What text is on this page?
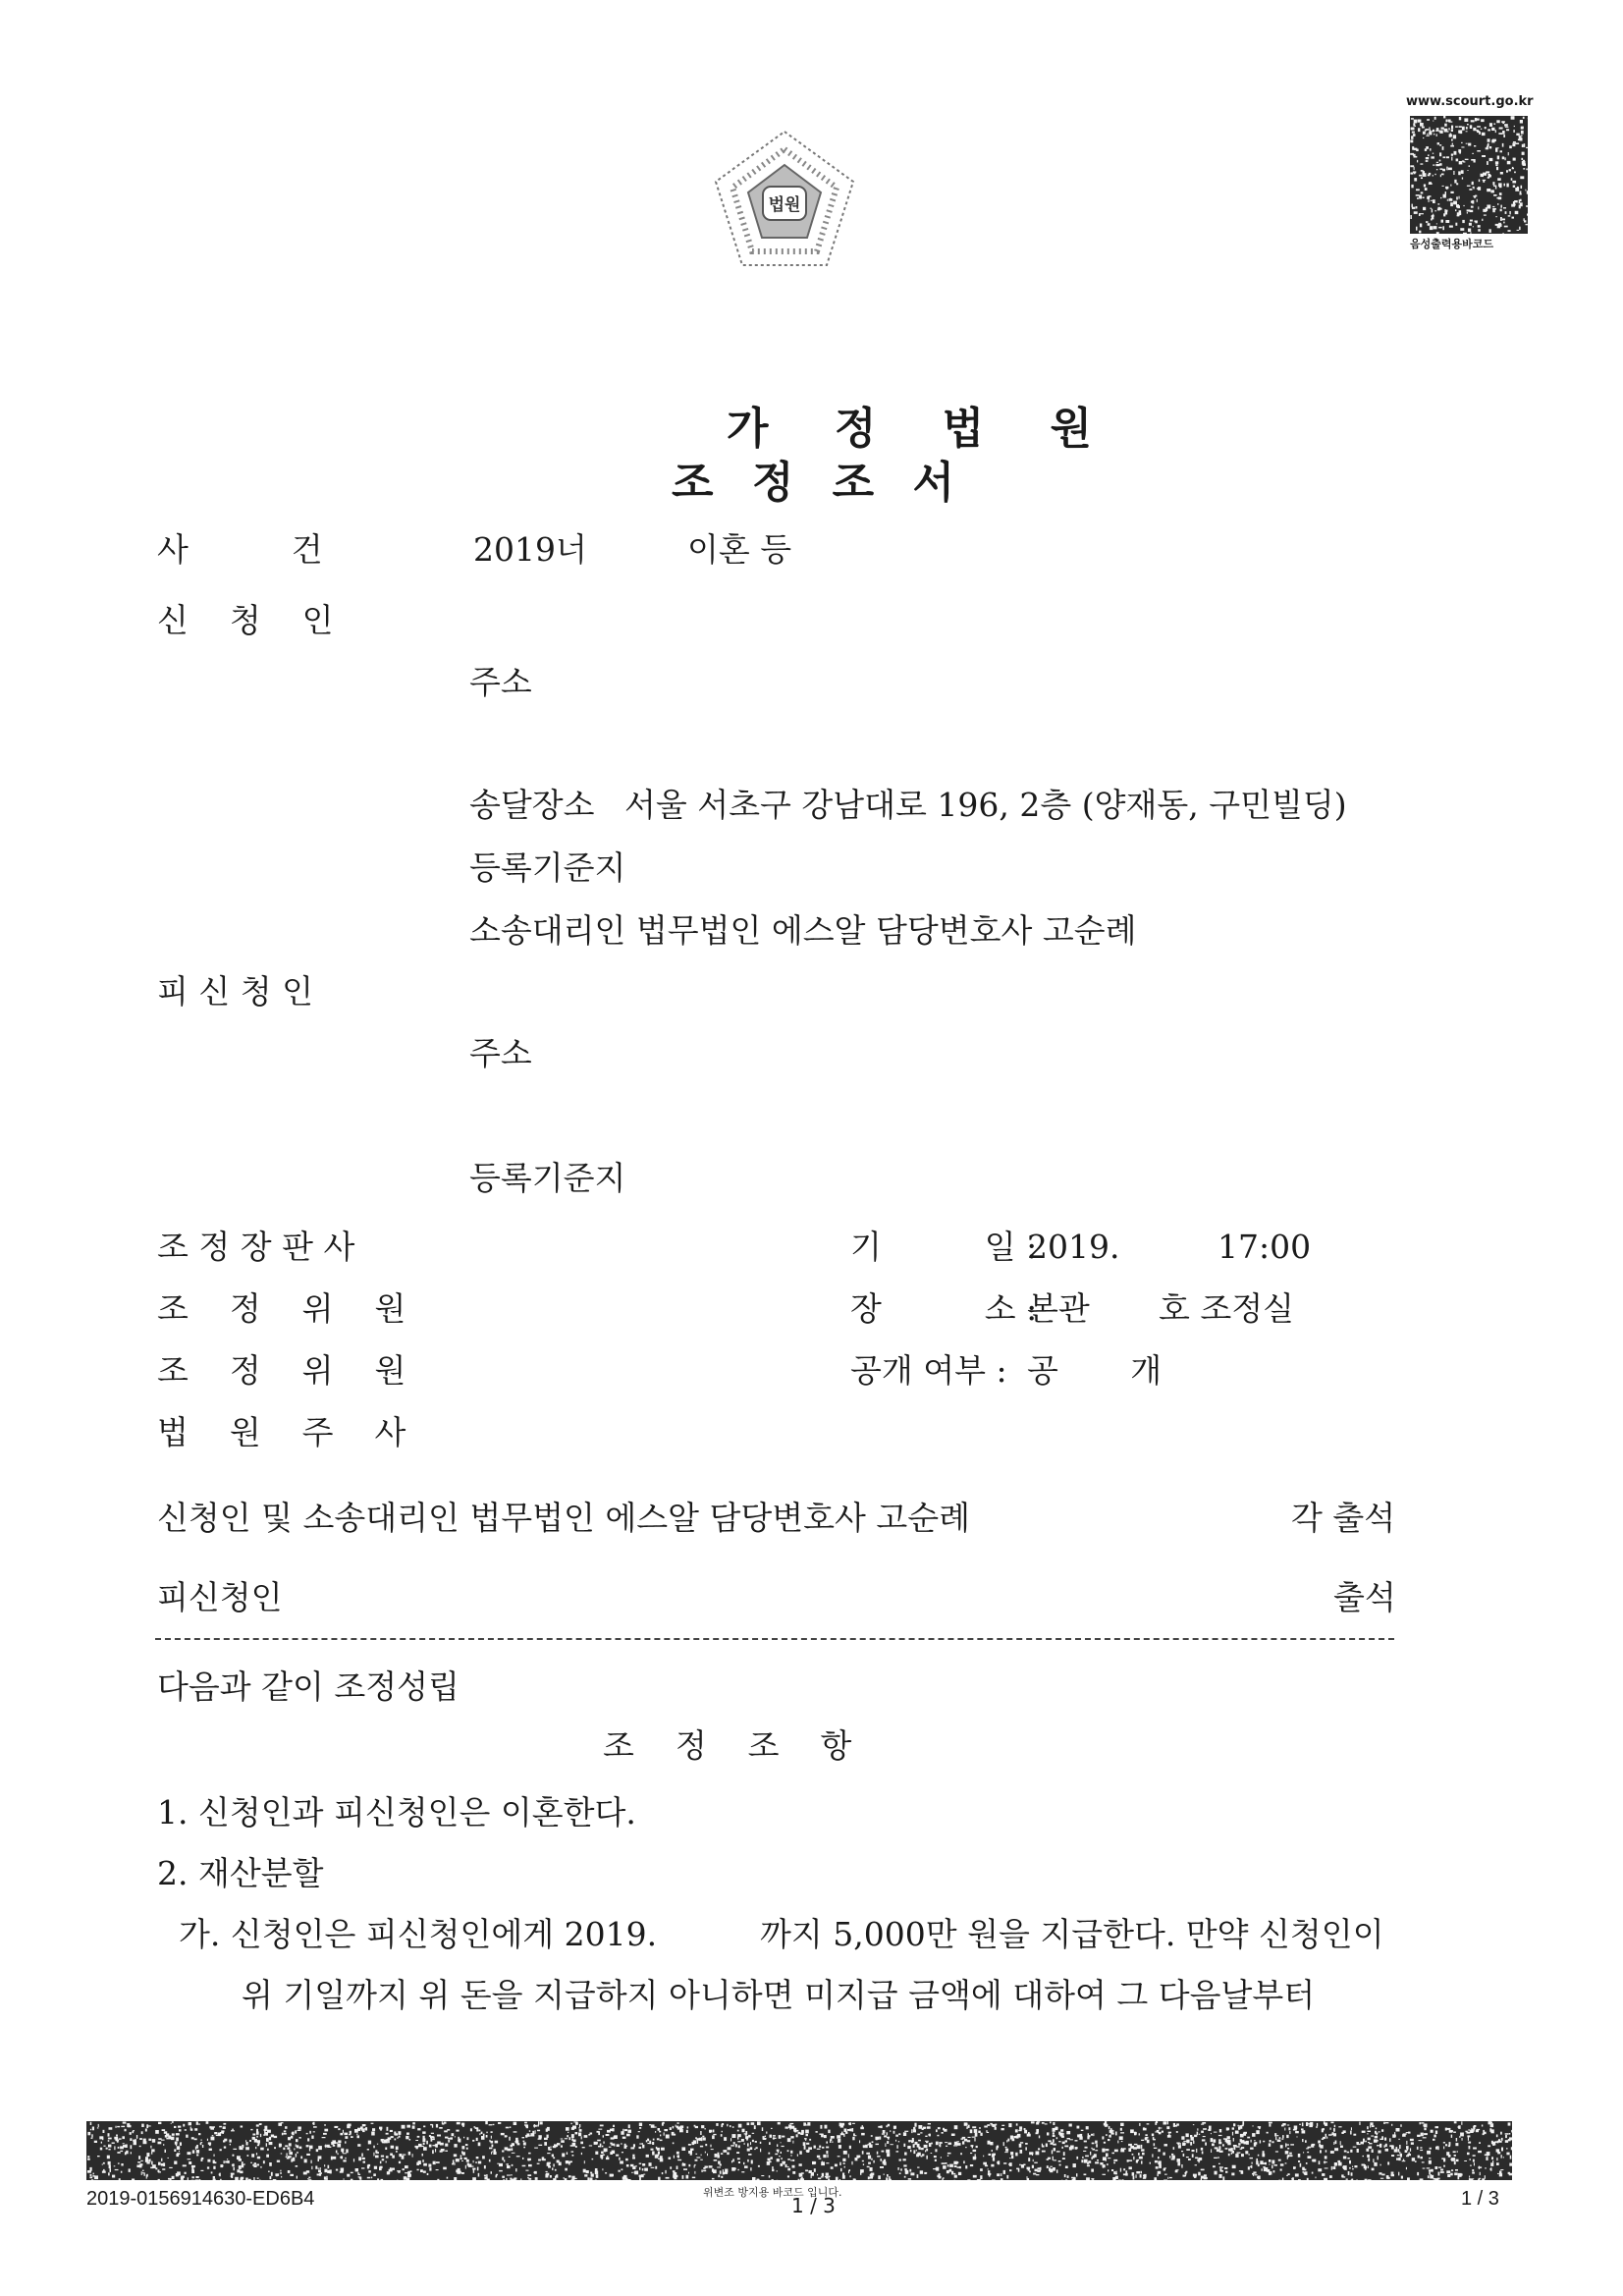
법원
www.scourt.go.kr
음성출력용바코드
가 정 법 원
조 정 조 서
사          건	2019너	이혼 등
신    청    인
주소
송달장소 서울 서초구 강남대로 196, 2층 (양재동, 구민빌딩)
등록기준지
소송대리인 법무법인 에스알 담당변호사 고순례
피 신 청 인
주소
등록기준지
조 정 장 판 사
조    정    위    원
조    정    위    원
법    원    주    사
기          일 :
2019.	17:00
장          소 :
본관 호 조정실
공개 여부 : 공       개
신청인 및 소송대리인 법무법인 에스알 담당변호사 고순례	각 출석
피신청인	출석
다음과 같이 조정성립
조    정    조    항
1. 신청인과 피신청인은 이혼한다.
2. 재산분할
가. 신청인은 피신청인에게 2019.          까지 5,000만 원을 지급한다. 만약 신청인이
위 기일까지 위 돈을 지급하지 아니하면 미지급 금액에 대하여 그 다음날부터
2019-0156914630-ED6B4	위변조 방지용 바코드 입니다.
1 / 3	1 / 3
